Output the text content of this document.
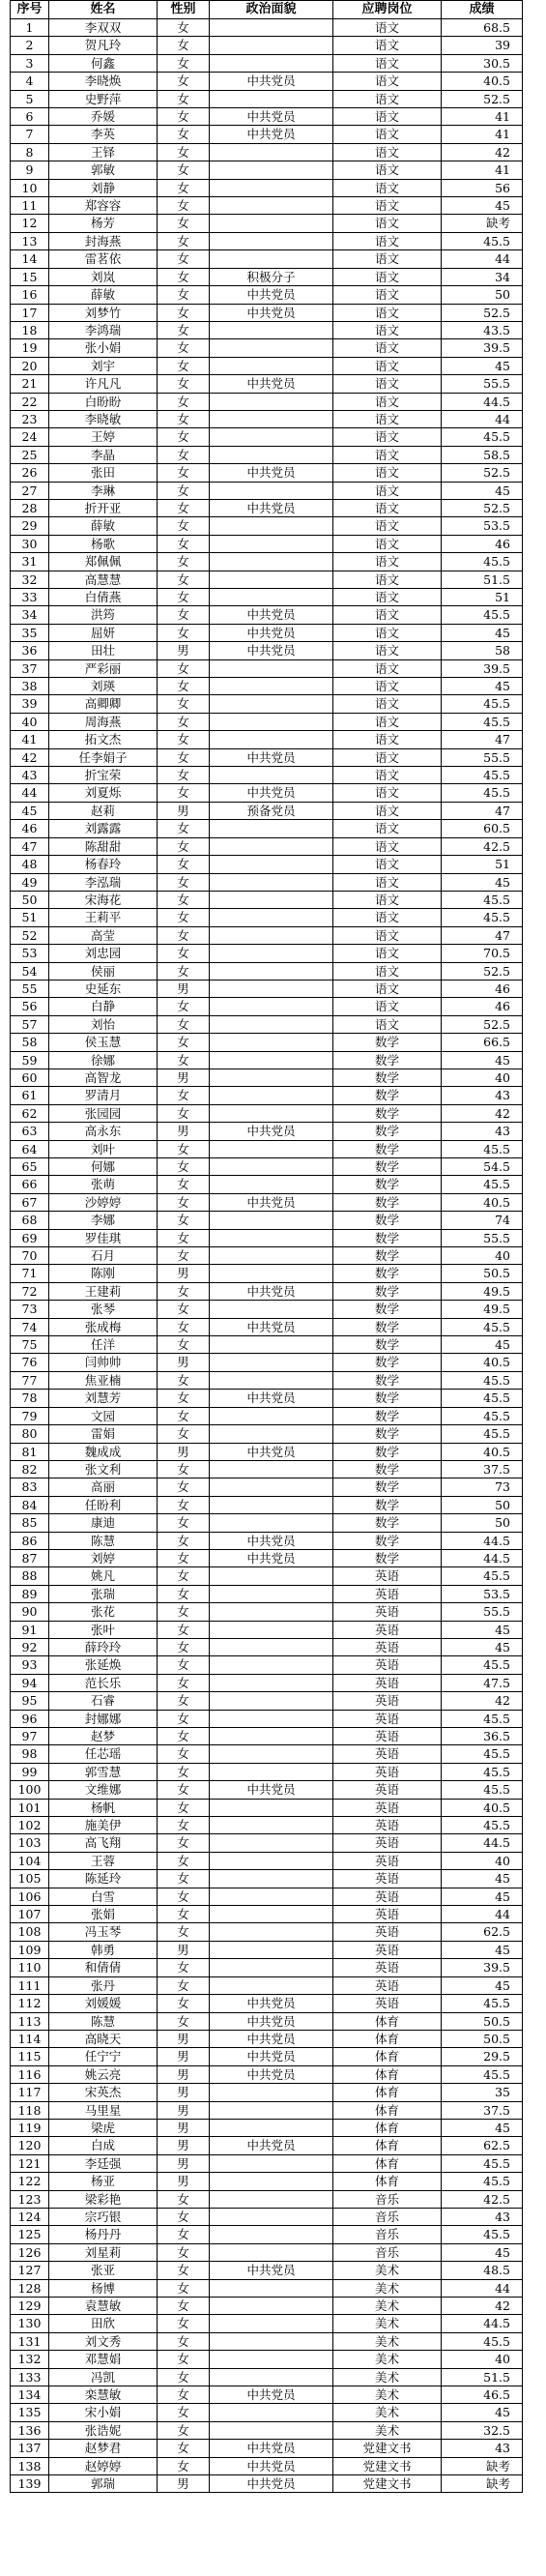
序号	姓名	性别	政治面貌	应聘岗位	成绩
1	李双双	女		语文	68.5
2	贺凡玲	女		语文	39
3	何鑫	女		语文	30.5
4	李晓焕	女	中共党员	语文	40.5
5	史野萍	女		语文	52.5
6	乔媛	女	中共党员	语文	41
7	李英	女	中共党员	语文	41
8	王铎	女		语文	42
9	郭敏	女		语文	41
10	刘静	女		语文	56
11	郑容容	女		语文	45
12	杨芳	女		语文	缺考
13	封海燕	女		语文	45.5
14	雷茗依	女		语文	44
15	刘岚	女	积极分子	语文	34
16	薛敏	女	中共党员	语文	50
17	刘梦竹	女	中共党员	语文	52.5
18	李鸿瑞	女		语文	43.5
19	张小娟	女		语文	39.5
20	刘宇	女		语文	45
21	许凡凡	女	中共党员	语文	55.5
22	白盼盼	女		语文	44.5
23	李晓敏	女		语文	44
24	王婷	女		语文	45.5
25	李晶	女		语文	58.5
26	张田	女	中共党员	语文	52.5
27	李琳	女		语文	45
28	折开亚	女	中共党员	语文	52.5
29	薛敏	女		语文	53.5
30	杨歌	女		语文	46
31	郑佩佩	女		语文	45.5
32	高慧慧	女		语文	51.5
33	白倩燕	女		语文	51
34	洪筠	女	中共党员	语文	45.5
35	屈妍	女	中共党员	语文	45
36	田壮	男	中共党员	语文	58
37	严彩丽	女		语文	39.5
38	刘瑛	女		语文	45
39	高卿卿	女		语文	45.5
40	周海燕	女		语文	45.5
41	拓文杰	女		语文	47
42	任李娟子	女	中共党员	语文	55.5
43	折宝荣	女		语文	45.5
44	刘夏烁	女	中共党员	语文	45.5
45	赵莉	男	预备党员	语文	47
46	刘露露	女		语文	60.5
47	陈甜甜	女		语文	42.5
48	杨春玲	女		语文	51
49	李泓瑞	女		语文	45
50	宋海花	女		语文	45.5
51	王莉平	女		语文	45.5
52	高莹	女		语文	47
53	刘忠园	女		语文	70.5
54	侯丽	女		语文	52.5
55	史延东	男		语文	46
56	白静	女		语文	46
57	刘怡	女		语文	52.5
58	侯玉慧	女		数学	66.5
59	徐娜	女		数学	45
60	高智龙	男		数学	40
61	罗清月	女		数学	43
62	张园园	女		数学	42
63	高永东	男	中共党员	数学	43
64	刘叶	女		数学	45.5
65	何娜	女		数学	54.5
66	张萌	女		数学	45.5
67	沙婷婷	女	中共党员	数学	40.5
68	李娜	女		数学	74
69	罗佳琪	女		数学	55.5
70	石月	女		数学	40
71	陈刚	男		数学	50.5
72	王建莉	女	中共党员	数学	49.5
73	张琴	女		数学	49.5
74	张成梅	女	中共党员	数学	45.5
75	任洋	女		数学	45
76	闫帅帅	男		数学	40.5
77	焦亚楠	女		数学	45.5
78	刘慧芳	女	中共党员	数学	45.5
79	文园	女		数学	45.5
80	雷娟	女		数学	45.5
81	魏成成	男	中共党员	数学	40.5
82	张文利	女		数学	37.5
83	高丽	女		数学	73
84	任盼利	女		数学	50
85	康迪	女		数学	50
86	陈慧	女	中共党员	数学	44.5
87	刘婷	女	中共党员	数学	44.5
88	姚凡	女		英语	45.5
89	张瑞	女		英语	53.5
90	张花	女		英语	55.5
91	张叶	女		英语	45
92	薛玲玲	女		英语	45
93	张延焕	女		英语	45.5
94	范长乐	女		英语	47.5
95	石睿	女		英语	42
96	封娜娜	女		英语	45.5
97	赵梦	女		英语	36.5
98	任芯瑶	女		英语	45.5
99	郭雪慧	女		英语	45.5
100	文维娜	女	中共党员	英语	45.5
101	杨帆	女		英语	40.5
102	施美伊	女		英语	45.5
103	高飞翔	女		英语	44.5
104	王蓉	女		英语	40
105	陈延玲	女		英语	45
106	白雪	女		英语	45
107	张娟	女		英语	44
108	冯玉琴	女		英语	62.5
109	韩勇	男		英语	45
110	和倩倩	女		英语	39.5
111	张丹	女		英语	45
112	刘媛媛	女	中共党员	英语	45.5
113	陈慧	女	中共党员	体育	50.5
114	高晓天	男	中共党员	体育	50.5
115	任宁宁	男	中共党员	体育	29.5
116	姚云亮	男	中共党员	体育	45.5
117	宋英杰	男		体育	35
118	马里星	男		体育	37.5
119	梁虎	男		体育	45
120	白成	男	中共党员	体育	62.5
121	李廷强	男		体育	45.5
122	杨亚	男		体育	45.5
123	梁彩艳	女		音乐	42.5
124	宗巧银	女		音乐	43
125	杨丹丹	女		音乐	45.5
126	刘星莉	女		音乐	45
127	张亚	女	中共党员	美术	48.5
128	杨博	女		美术	44
129	袁慧敏	女		美术	42
130	田欣	女		美术	44.5
131	刘文秀	女		美术	45.5
132	邓慧娟	女		美术	40
133	冯凯	女		美术	51.5
134	栾慧敏	女	中共党员	美术	46.5
135	宋小娟	女		美术	45
136	张诰妮	女		美术	32.5
137	赵梦君	女	中共党员	党建文书	43
138	赵婷婷	女	中共党员	党建文书	缺考
139	郭瑞	男	中共党员	党建文书	缺考
